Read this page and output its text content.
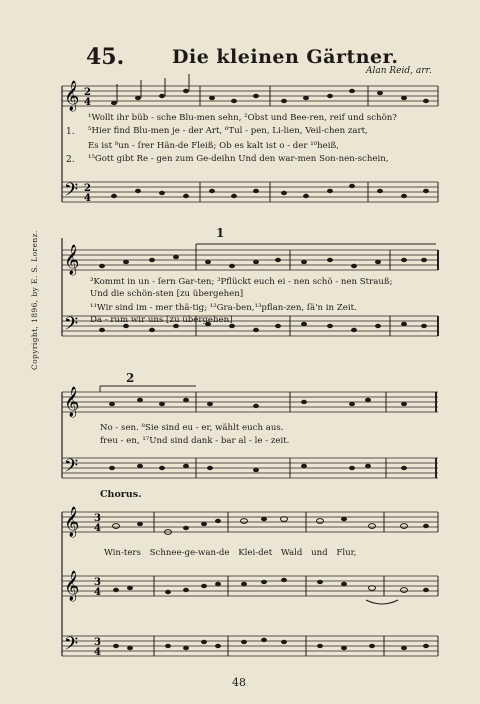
45.	Die kleinen Gärtner.
Alan Reid, arr.
Copyright, 1896, by E. S. Lorenz.
𝄞
𝄢
2
4
2
4
𝄞
𝄢
𝄞
𝄢
𝄞
𝄞
𝄢
3
4
3
4
3
4
1.
2.
¹Wollt ihr büb - sche Blu-men sehn, ²Obst und Bee-ren, reif und schön?
⁵Hier find Blu-men je - der Art, ⁶Tul - pen, Li-lien, Veil-chen zart,
Es ist ⁸un - ſrer Hän-de Fleiß; Ob es kalt ist o - der ¹⁰heiß,
¹⁵Gott gibt Re - gen zum Ge-deihn Und den war-men Son-nen-schein,
1
2
³Kommt in un - ſern Gar-ten; ³Pflückt euch ei - nen schö - nen Strauß;
Und die schön-sten [zu übergehen]
¹¹Wir sind im - mer thä-tig; ¹²Gra-ben,¹³pflan-zen, ſä'n in Zeit.
Da - rum wir uns [zu übergehen]
No - sen. ⁸Sie sind eu - er, wählt euch aus.
freu - en, ¹⁷Und sind dank - bar al - le - zeit.
Chorus.
Win-ters Schnee-ge-wan-de Klei-det Wald und Flur,
48
